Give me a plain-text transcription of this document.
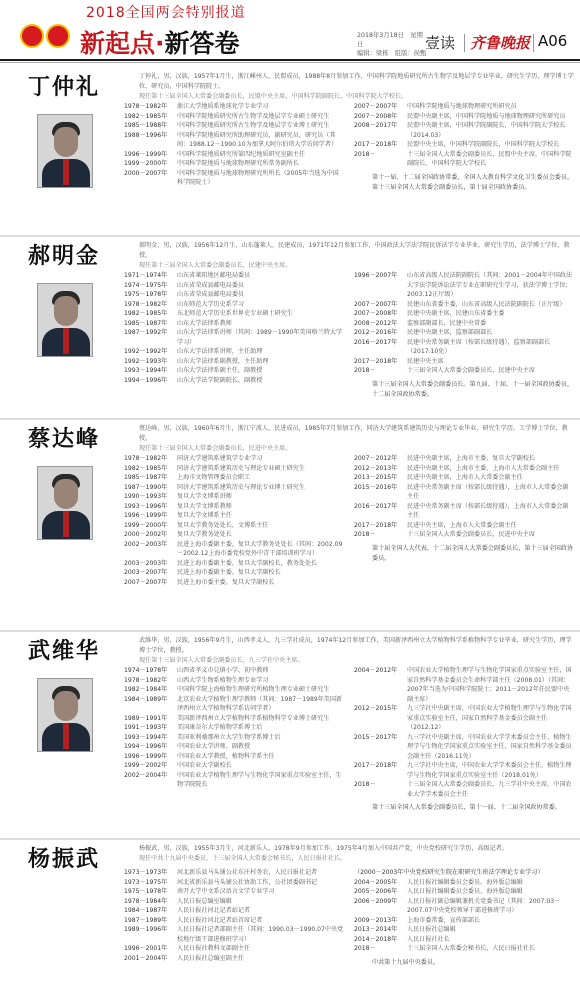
2018全国两会特别报道
新起点·新答卷	2018年3月18日　星期日
编辑：梁栋　组版：侯甄
壹读 齐鲁晚报 A06
丁仲礼	丁仲礼，男，汉族，1957年1月生，浙江嵊州人，民盟成员，1988年8月参加工作，中国科学院地质研究所古生物学及地层学专业毕业，研究生学历，理学博士学位，研究员，中国科学院院士。
现任第十三届全国人大常委会副委员长，民盟中央主席，中国科学院副院长，中国科学院大学校长。
1978－1982年	浙江大学地质系地球化学专业学习
1982－1985年	中国科学院地质研究所古生物学及地层学专业硕士研究生
1985－1988年	中国科学院地质研究所古生物学及地层学专业博士研究生
1988－1996年	中国科学院地质研究所助理研究员，副研究员，研究员（其间：1988.12－1990.10为加拿大阿尔伯塔大学访问学者）
1996－1999年	中国科学院地质研究所第四纪地质研究室副主任
1999－2000年	中国科学院地质与地球物理研究所常务副所长
2000－2007年	中国科学院地质与地球物理研究所所长（2005年当选为中国科学院院士）
2007－2007年	中国科学院地质与地球物理研究所研究员
2007－2008年	民盟中央副主席，中国科学院地质与地球物理研究所研究员
2008－2017年	民盟中央副主席，中国科学院副院长，中国科学院大学校长（2014.03）
2017－2018年	民盟中央主席，中国科学院副院长，中国科学院大学校长
2018－	十三届全国人大常委会副委员长，民盟中央主席，中国科学院副院长，中国科学院大学校长
第十一届、十二届全国政协常委，全国人大教育科学文化卫生委员会委员，第十三届全国人大常委会副委员长，第十届全国政协委员。
郝明金	郝明金，男，汉族，1956年12月生，山东蓬莱人，民建成员，1971年12月参加工作，中国政法大学法学院民诉法学专业毕业，研究生学历，法学博士学位，教授。
现任第十三届全国人大常委会副委员长，民建中央主席。
1971－1974年	山东省莱阳地区邮电局委员
1974－1975年	山东省荣成县邮电局委员
1975－1978年	山东省荣成县邮电局委员
1978－1982年	山东师范大学历史系学习
1982－1985年	东北师范大学历史系世界史专业硕士研究生
1985－1987年	山东大学法律系教师
1987－1992年	山东大学法律系讲师（其间：1989－1990年美国格兰特大学学习）
1992－1992年	山东大学法律系讲师，主任助理
1992－1993年	山东大学法律系副教授，主任助理
1993－1994年	山东大学法律系副主任，副教授
1994－1996年	山东大学法学院副院长，副教授
1996－2007年	山东省高级人民法院副院长（其间：2001－2004年中国政法大学法学院诉讼法学专业在职研究生学习，获法学博士学位；2003.12正厅级）
2007－2007年	民建山东省委主委，山东省高级人民法院副院长（正厅级）
2007－2008年	民建中央副主席，民建山东省委主委
2008－2012年	监察部副部长，民建中央常委
2012－2016年	民建中央副主席，监察部副部长
2016－2017年	民建中央常务副主席（按部长级待遇），监察部副部长（2017.10免）
2017－2018年	民建中央主席
2018－	十三届全国人大常委会副委员长，民建中央主席
第十三届全国人大常委会副委员长。第九届、十届、十一届全国政协委员，十二届全国政协常委。
蔡达峰	蔡达峰，男，汉族，1960年6月生，浙江宁波人，民进成员，1985年7月参加工作，同济大学建筑系建筑历史与理论专业毕业，研究生学历，工学博士学位，教授。
现任第十三届全国人大常委会副委员长，民进中央主席。
1978－1982年	同济大学建筑系建筑学专业学习
1982－1985年	同济大学建筑系建筑历史与理论专业硕士研究生
1985－1987年	上海市文物管理委员会职工
1987－1990年	同济大学建筑系建筑历史与理论专业博士研究生
1990－1993年	复旦大学文博系讲师
1993－1996年	复旦大学文博系教师
1996－1999年	复旦大学文博系主任
1999－2000年	复旦大学教务处处长，文博系主任
2000－2002年	复旦大学教务处处长
2002－2003年	民进上海市委副主委，复旦大学教务处处长（其间：2002.09－2002.12上海市委党校党外中青干部培训班学习）
2003－2003年	民进上海市委副主委，复旦大学副校长，教务处处长
2003－2007年	民进上海市委副主委，复旦大学副校长
2007－2007年	民进上海市委主委，复旦大学副校长
2007－2012年	民进中央副主席，上海市主委，复旦大学副校长
2012－2013年	民进中央副主席，上海市主委，上海市人大常委会副主任
2013－2015年	民进中央副主席，上海市人大常委会副主任
2015－2016年	民进中央常务副主席（按部长级待遇），上海市人大常委会副主任
2016－2017年	民进中央常务副主席（按部长级待遇），上海市人大常委会副主任
2017－2018年	民进中央主席，上海市人大常委会副主任
2018－	十三届全国人大常委会副委员长，民进中央主席
第十届全国人大代表，十二届全国人大常委会副委员长，第十三届全国政协委员。
武维华	武维华，男，汉族，1956年9月生，山西孝义人，九三学社成员，1974年12月参加工作，美国新泽西州立大学植物科学系植物科学专业毕业，研究生学历，理学博士学位，教授。
现任第十三届全国人大常委会副委员长，九三学社中央主席。
1974－1978年	山西省孝义市兑镇小学、初中教师
1978－1982年	山西大学生物系植物生理专业学习
1982－1984年	中国科学院上海植物生理研究所植物生理专业硕士研究生
1984－1989年	北京农业大学植物生理学教师（其间：1987－1989年美国新泽西州立大学植物科学系访问学者）
1989－1991年	美国新泽西州立大学植物科学系植物科学专业博士研究生
1991－1993年	美国康奈尔大学植物学系博士后
1993－1994年	美国亚利桑那州立大学生物学系博士后
1994－1996年	中国农业大学讲师，副教授
1996－1999年	中国农业大学教授，植物科学系主任
1999－2002年	中国农业大学副校长
2002－2004年	中国农业大学植物生理学与生物化学国家重点实验室主任，生物学院院长
2004－2012年	中国农业大学植物生理学与生物化学国家重点实验室主任，国家自然科学基金委员会生命科学部主任（2008.01）（其间：2007年当选为中国科学院院士；2011－2012年任民盟中央副主席）
2012－2015年	九三学社中央副主席，中国农业大学植物生理学与生物化学国家重点实验室主任，国家自然科学基金委员会副主任（2012.12）
2015－2017年	九三学社中央副主席，中国农业大学学术委员会主任，植物生理学与生物化学国家重点实验室主任，国家自然科学基金委员会副主任（2016.11免）
2017－2018年	九三学社中央主席，中国农业大学学术委员会主任，植物生理学与生物化学国家重点实验室主任（2018.01免）
2018－	十三届全国人大常委会副委员长，九三学社中央主席，中国农业大学学术委员会主任
第十三届全国人大常委会副委员长，第十一届、十二届全国政协常委。
杨振武	杨振武，男，汉族，1955年3月生，河北新乐人，1978年9月参加工作，1975年4月加入中国共产党，中央党校研究生学历，高级记者。
现任中共十九届中央委员，十三届全国人大常委会秘书长，人民日报社社长。
1973－1973年	河北新乐县马头铺公社东庄村务农，人民日报社记者
1973－1975年	河北省新乐县马头铺公社协助工作，公社团委副书记
1975－1978年	南开大学中文系汉语言文学专业学习
1978－1984年	人民日报总编室编辑
1984－1987年	人民日报社河北记者站记者
1987－1989年	人民日报社河北记者站首席记者
1989－1996年	人民日报社记者部副主任（其间：1990.03－1990.07中央党校地厅级干部进修班学习）
1996－2001年	人民日报社教科文部副主任
2001－2004年	人民日报社总编室副主任
（2000－2003年中央党校研究生院在职研究生班法学理论专业学习）
2004－2005年	人民日报社编辑委员会委员，海外版总编辑
2005－2006年	人民日报社编辑委员会委员，海外版总编辑
2006－2009年	人民日报社副总编辑兼机关党委书记（其间：2007.03－2007.07中央党校领导干部进修班学习）
2009－2013年	上海市委常委，宣传部部长
2013－2014年	人民日报社总编辑
2014－2018年	人民日报社社长
2018－	十三届全国人大常委会秘书长，人民日报社社长
中共第十九届中央委员。
